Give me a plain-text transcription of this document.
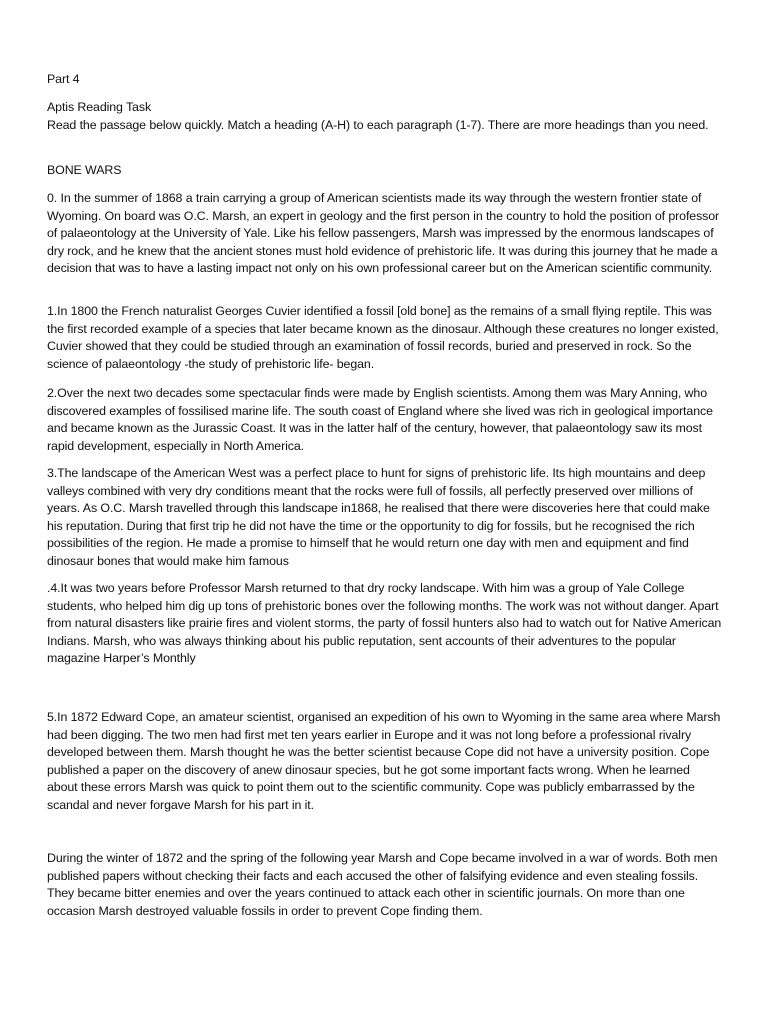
Part 4
Aptis Reading Task
Read the passage below quickly. Match a heading (A-H) to each paragraph (1-7). There are more headings than you need.
BONE WARS
0. In the summer of 1868 a train carrying a group of American scientists made its way through the western frontier state of Wyoming. On board was O.C. Marsh, an expert in geology and the first person in the country to hold the position of professor of palaeontology at the University of Yale. Like his fellow passengers, Marsh was impressed by the enormous landscapes of dry rock, and he knew that the ancient stones must hold evidence of prehistoric life. It was during this journey that he made a decision that was to have a lasting impact not only on his own professional career but on the American scientific community.
1.In 1800 the French naturalist Georges Cuvier identified a fossil [old bone] as the remains of a small flying reptile. This was the first recorded example of a species that later became known as the dinosaur. Although these creatures no longer existed, Cuvier showed that they could be studied through an examination of fossil records, buried and preserved in rock. So the science of palaeontology -the study of prehistoric life- began.
2.Over the next two decades some spectacular finds were made by English scientists. Among them was Mary Anning, who discovered examples of fossilised marine life. The south coast of England where she lived was rich in geological importance and became known as the Jurassic Coast. It was in the latter half of the century, however, that palaeontology saw its most rapid development, especially in North America.
3.The landscape of the American West was a perfect place to hunt for signs of prehistoric life. Its high mountains and deep valleys combined with very dry conditions meant that the rocks were full of fossils, all perfectly preserved over millions of years. As O.C. Marsh travelled through this landscape in1868, he realised that there were discoveries here that could make his reputation. During that first trip he did not have the time or the opportunity to dig for fossils, but he recognised the rich possibilities of the region. He made a promise to himself that he would return one day with men and equipment and find dinosaur bones that would make him famous
.4.It was two years before Professor Marsh returned to that dry rocky landscape. With him was a group of Yale College students, who helped him dig up tons of prehistoric bones over the following months. The work was not without danger. Apart from natural disasters like prairie fires and violent storms, the party of fossil hunters also had to watch out for Native American Indians. Marsh, who was always thinking about his public reputation, sent accounts of their adventures to the popular magazine Harper’s Monthly
5.In 1872 Edward Cope, an amateur scientist, organised an expedition of his own to Wyoming in the same area where Marsh had been digging. The two men had first met ten years earlier in Europe and it was not long before a professional rivalry developed between them. Marsh thought he was the better scientist because Cope did not have a university position. Cope published a paper on the discovery of anew dinosaur species, but he got some important facts wrong. When he learned about these errors Marsh was quick to point them out to the scientific community. Cope was publicly embarrassed by the scandal and never forgave Marsh for his part in it.
During the winter of 1872 and the spring of the following year Marsh and Cope became involved in a war of words. Both men published papers without checking their facts and each accused the other of falsifying evidence and even stealing fossils. They became bitter enemies and over the years continued to attack each other in scientific journals. On more than one occasion Marsh destroyed valuable fossils in order to prevent Cope finding them.
